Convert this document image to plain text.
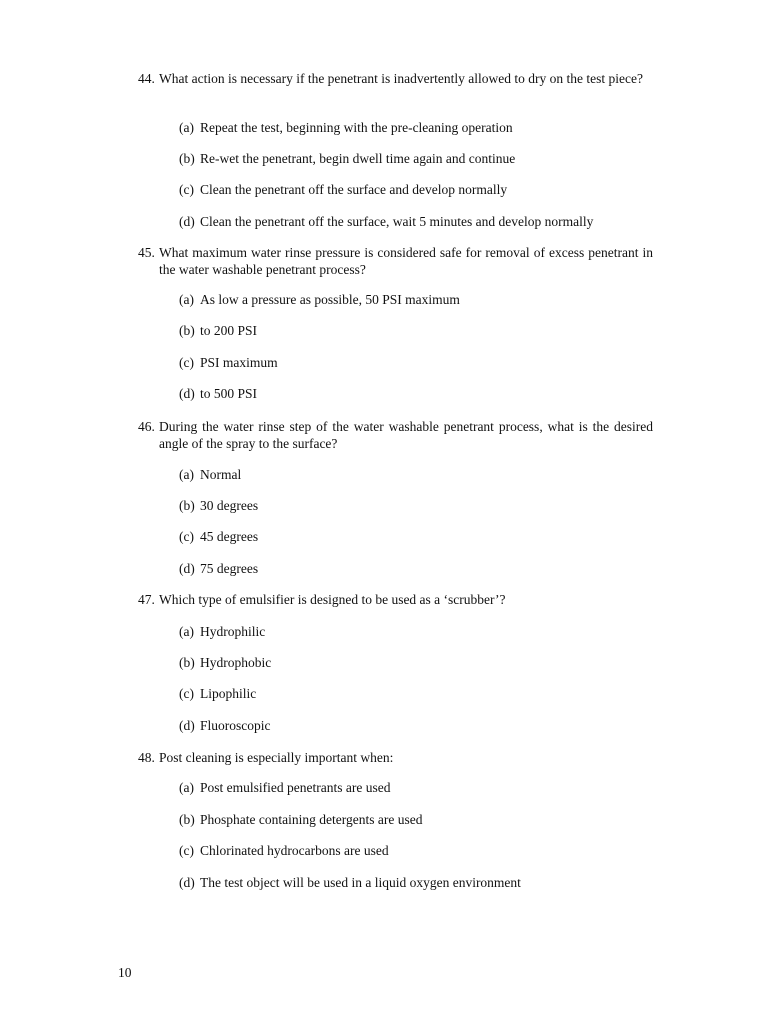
44. What action is necessary if the penetrant is inadvertently allowed to dry on the test piece?
(a) Repeat the test, beginning with the pre-cleaning operation
(b) Re-wet the penetrant, begin dwell time again and continue
(c) Clean the penetrant off the surface and develop normally
(d) Clean the penetrant off the surface, wait 5 minutes and develop normally
45. What maximum water rinse pressure is considered safe for removal of excess penetrant in the water washable penetrant process?
(a) As low a pressure as possible, 50 PSI maximum
(b) to 200 PSI
(c) PSI maximum
(d) to 500 PSI
46. During the water rinse step of the water washable penetrant process, what is the desired angle of the spray to the surface?
(a) Normal
(b) 30 degrees
(c) 45 degrees
(d) 75 degrees
47. Which type of emulsifier is designed to be used as a ‘scrubber’?
(a) Hydrophilic
(b) Hydrophobic
(c) Lipophilic
(d) Fluoroscopic
48. Post cleaning is especially important when:
(a) Post emulsified penetrants are used
(b) Phosphate containing detergents are used
(c) Chlorinated hydrocarbons are used
(d) The test object will be used in a liquid oxygen environment
10
